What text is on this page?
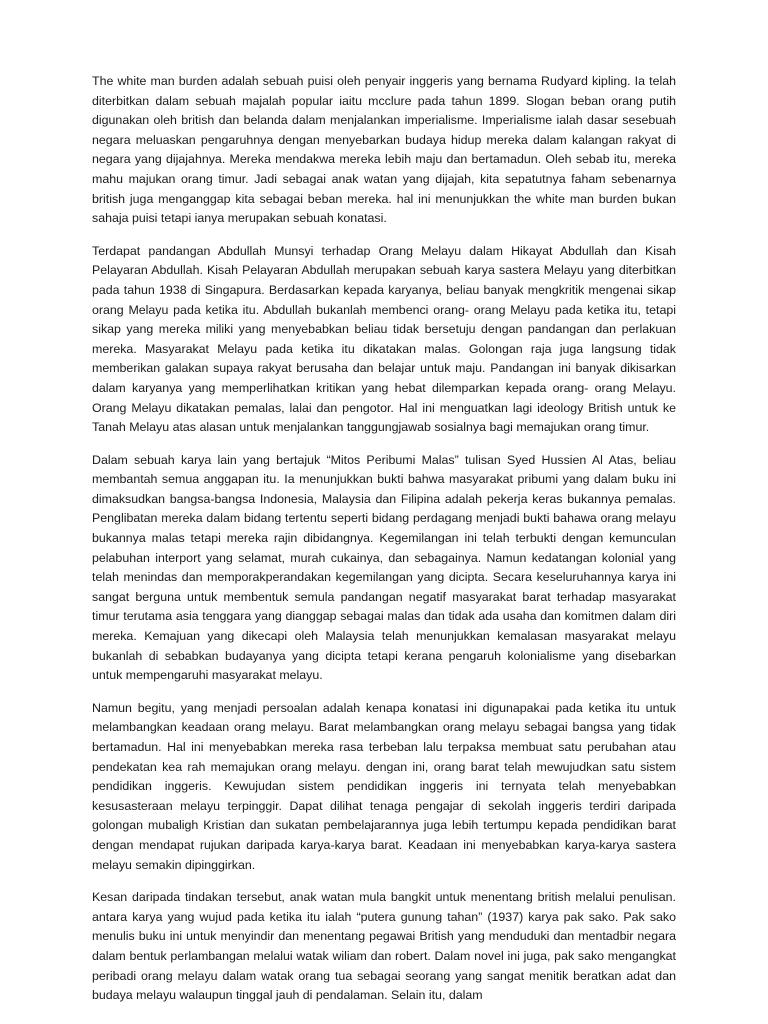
The white man burden adalah sebuah puisi oleh penyair inggeris yang bernama Rudyard kipling. Ia telah diterbitkan dalam sebuah majalah popular iaitu mcclure pada tahun 1899. Slogan beban orang putih digunakan oleh british dan belanda dalam menjalankan imperialisme. Imperialisme ialah dasar sesebuah negara meluaskan pengaruhnya dengan menyebarkan budaya hidup mereka dalam kalangan rakyat di negara yang dijajahnya. Mereka mendakwa mereka lebih maju dan bertamadun. Oleh sebab itu, mereka mahu majukan orang timur. Jadi sebagai anak watan yang dijajah, kita sepatutnya faham sebenarnya british juga menganggap kita sebagai beban mereka. hal ini menunjukkan the white man burden bukan sahaja puisi tetapi ianya merupakan sebuah konatasi.

Terdapat pandangan Abdullah Munsyi terhadap Orang Melayu dalam Hikayat Abdullah dan Kisah Pelayaran Abdullah. Kisah Pelayaran Abdullah merupakan sebuah karya sastera Melayu yang diterbitkan pada tahun 1938 di Singapura. Berdasarkan kepada karyanya, beliau banyak mengkritik mengenai sikap orang Melayu pada ketika itu. Abdullah bukanlah membenci orang- orang Melayu pada ketika itu, tetapi sikap yang mereka miliki yang menyebabkan beliau tidak bersetuju dengan pandangan dan perlakuan mereka. Masyarakat Melayu pada ketika itu dikatakan malas. Golongan raja juga langsung tidak memberikan galakan supaya rakyat berusaha dan belajar untuk maju. Pandangan ini banyak dikisarkan dalam karyanya yang memperlihatkan kritikan yang hebat dilemparkan kepada orang- orang Melayu. Orang Melayu dikatakan pemalas, lalai dan pengotor. Hal ini menguatkan lagi ideology British untuk ke Tanah Melayu atas alasan untuk menjalankan tanggungjawab sosialnya bagi memajukan orang timur.

Dalam sebuah karya lain yang bertajuk “Mitos Peribumi Malas” tulisan Syed Hussien Al Atas, beliau membantah semua anggapan itu. Ia menunjukkan bukti bahwa masyarakat pribumi yang dalam buku ini dimaksudkan bangsa-bangsa Indonesia, Malaysia dan Filipina adalah pekerja keras bukannya pemalas. Penglibatan mereka dalam bidang tertentu seperti bidang perdagang menjadi bukti bahawa orang melayu bukannya malas tetapi mereka rajin dibidangnya. Kegemilangan ini telah terbukti dengan kemunculan pelabuhan interport yang selamat, murah cukainya, dan sebagainya. Namun kedatangan kolonial yang telah menindas dan memporakperandakan kegemilangan yang dicipta. Secara keseluruhannya karya ini sangat berguna untuk membentuk semula pandangan negatif masyarakat barat terhadap masyarakat timur terutama asia tenggara yang dianggap sebagai malas dan tidak ada usaha dan komitmen dalam diri mereka. Kemajuan yang dikecapi oleh Malaysia telah menunjukkan kemalasan masyarakat melayu bukanlah di sebabkan budayanya yang dicipta tetapi kerana pengaruh kolonialisme yang disebarkan untuk mempengaruhi masyarakat melayu.

Namun begitu, yang menjadi persoalan adalah kenapa konatasi ini digunapakai pada ketika itu untuk melambangkan keadaan orang melayu. Barat melambangkan orang melayu sebagai bangsa yang tidak bertamadun. Hal ini menyebabkan mereka rasa terbeban lalu terpaksa membuat satu perubahan atau pendekatan kea rah memajukan orang melayu. dengan ini, orang barat telah mewujudkan satu sistem pendidikan inggeris. Kewujudan sistem pendidikan inggeris ini ternyata telah menyebabkan kesusasteraan melayu terpinggir. Dapat dilihat tenaga pengajar di sekolah inggeris terdiri daripada golongan mubaligh Kristian dan sukatan pembelajarannya juga lebih tertumpu kepada pendidikan barat dengan mendapat rujukan daripada karya-karya barat. Keadaan ini menyebabkan karya-karya sastera melayu semakin dipinggirkan.

Kesan daripada tindakan tersebut, anak watan mula bangkit untuk menentang british melalui penulisan. antara karya yang wujud pada ketika itu ialah “putera gunung tahan” (1937) karya pak sako. Pak sako menulis buku ini untuk menyindir dan menentang pegawai British yang menduduki dan mentadbir negara dalam bentuk perlambangan melalui watak wiliam dan robert. Dalam novel ini juga, pak sako mengangkat peribadi orang melayu dalam watak orang tua sebagai seorang yang sangat menitik beratkan adat dan budaya melayu walaupun tinggal jauh di pendalaman. Selain itu, dalam
